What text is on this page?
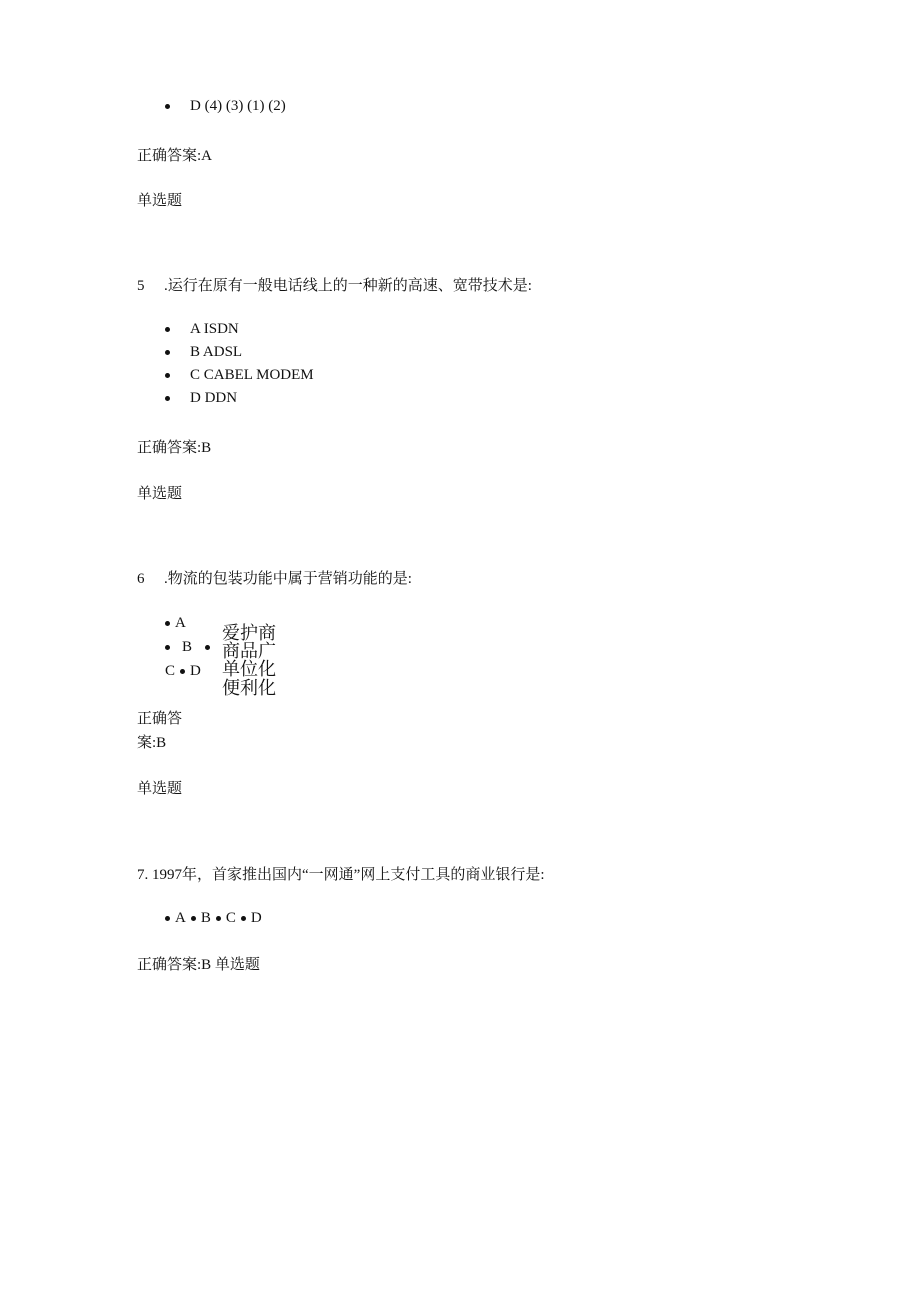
D (4) (3) (1) (2)
正确答案:A
单选题
5 .运行在原有一般电话线上的一种新的高速、宽带技术是:
A ISDN
B ADSL
C CABEL MODEM
D DDN
正确答案:B
单选题
6 .物流的包装功能中属于营销功能的是:
A
B
C D
爱护商
商品广
单位化
便利化
正确答
案:B
单选题
7. 1997年，首家推出国内“一网通”网上支付工具的商业银行是:
A B C D
正确答案:B 单选题
